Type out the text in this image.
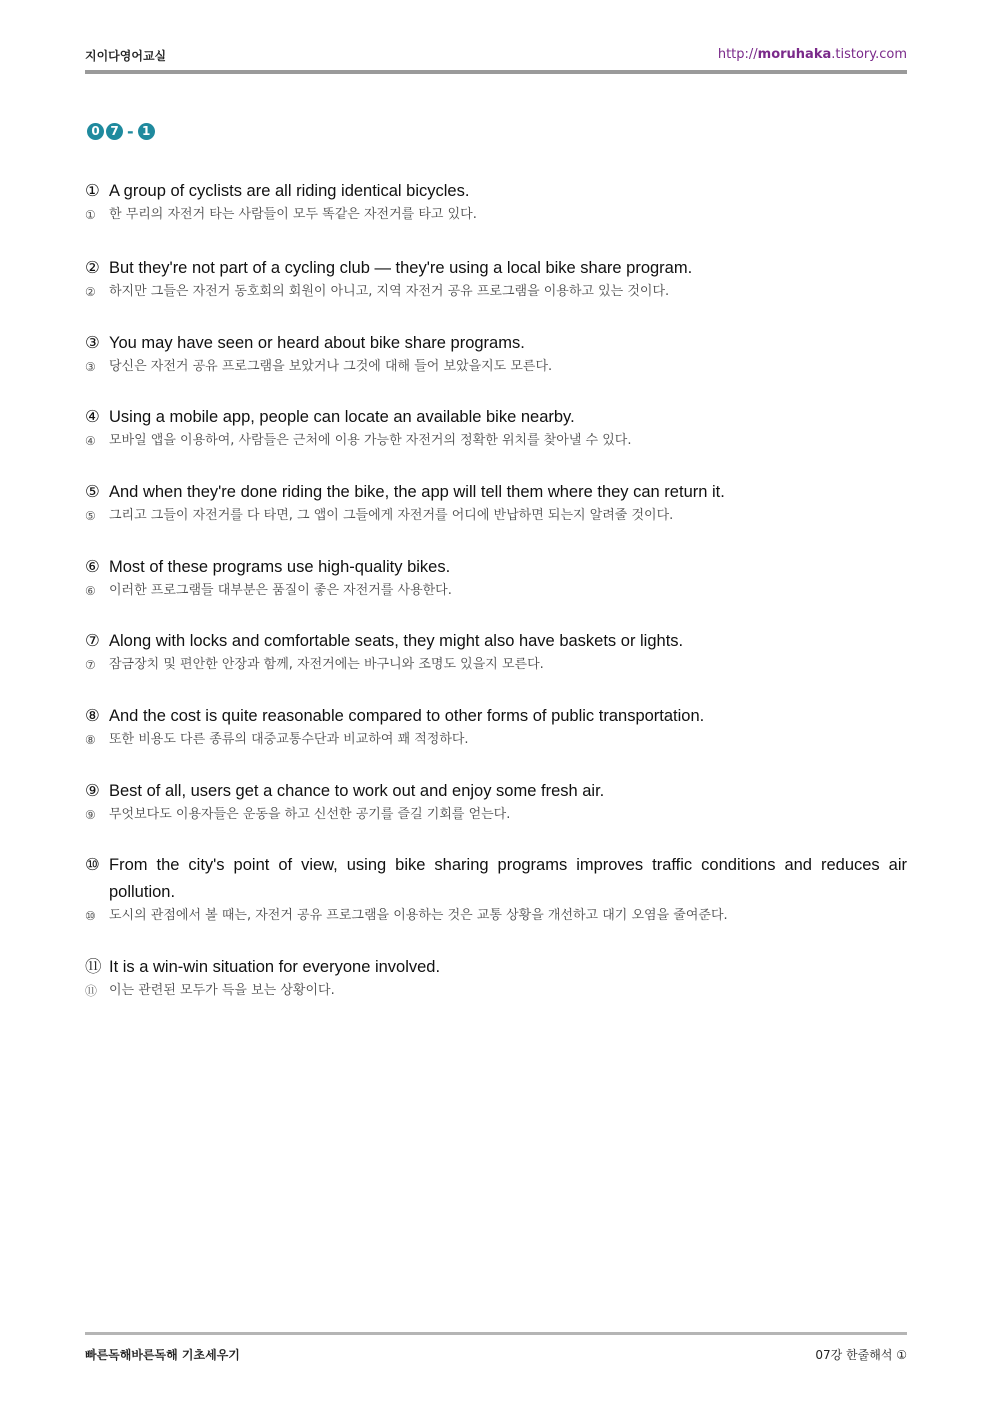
지이다영어교실	http://moruhaka.tistory.com
0 7 - 1
① A group of cyclists are all riding identical bicycles.
① 한 무리의 자전거 타는 사람들이 모두 똑같은 자전거를 타고 있다.
② But they're not part of a cycling club — they're using a local bike share program.
② 하지만 그들은 자전거 동호회의 회원이 아니고, 지역 자전거 공유 프로그램을 이용하고 있는 것이다.
③ You may have seen or heard about bike share programs.
③ 당신은 자전거 공유 프로그램을 보았거나 그것에 대해 들어 보았을지도 모른다.
④ Using a mobile app, people can locate an available bike nearby.
④ 모바일 앱을 이용하여, 사람들은 근처에 이용 가능한 자전거의 정확한 위치를 찾아낼 수 있다.
⑤ And when they're done riding the bike, the app will tell them where they can return it.
⑤ 그리고 그들이 자전거를 다 타면, 그 앱이 그들에게 자전거를 어디에 반납하면 되는지 알려줄 것이다.
⑥ Most of these programs use high-quality bikes.
⑥ 이러한 프로그램들 대부분은 품질이 좋은 자전거를 사용한다.
⑦ Along with locks and comfortable seats, they might also have baskets or lights.
⑦ 잠금장치 및 편안한 안장과 함께, 자전거에는 바구니와 조명도 있을지 모른다.
⑧ And the cost is quite reasonable compared to other forms of public transportation.
⑧ 또한 비용도 다른 종류의 대중교통수단과 비교하여 꽤 적정하다.
⑨ Best of all, users get a chance to work out and enjoy some fresh air.
⑨ 무엇보다도 이용자들은 운동을 하고 신선한 공기를 즐길 기회를 얻는다.
⑩ From the city's point of view, using bike sharing programs improves traffic conditions and reduces air pollution.
⑩ 도시의 관점에서 볼 때는, 자전거 공유 프로그램을 이용하는 것은 교통 상황을 개선하고 대기 오염을 줄여준다.
⑪ It is a win-win situation for everyone involved.
⑪ 이는 관련된 모두가 득을 보는 상황이다.
빠른독해바른독해 기초세우기	07강 한줄해석 ①
